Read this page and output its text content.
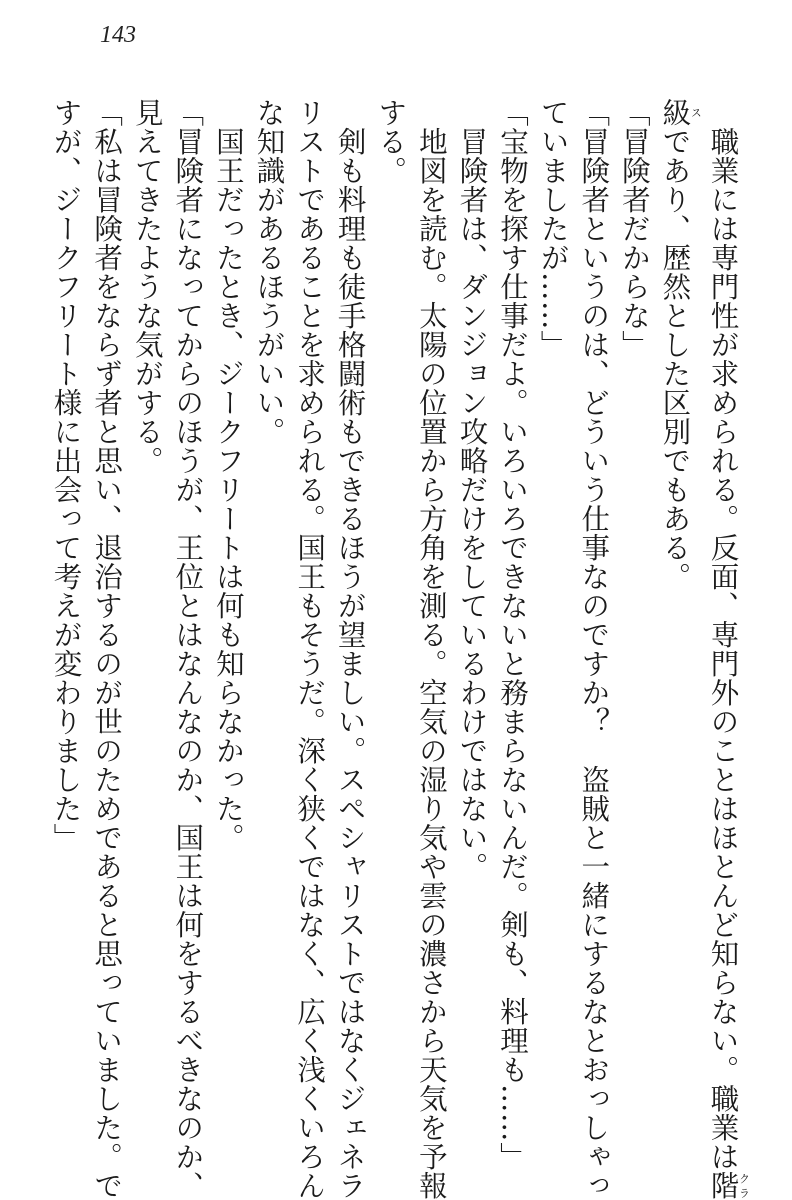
143
　職業には専門性が求められる。反面、専門外のことはほとんど知らない。職業は階クラ
級スであり、歴然とした区別でもある。
「冒険者だからな」
「冒険者というのは、どういう仕事なのですか？　盗賊と一緒にするなとおっしゃっ
ていましたが……」
「宝物を探す仕事だよ。いろいろできないと務まらないんだ。剣も、料理も……」
　冒険者は、ダンジョン攻略だけをしているわけではない。
　地図を読む。太陽の位置から方角を測る。空気の湿り気や雲の濃さから天気を予報
する。
　剣も料理も徒手格闘術もできるほうが望ましい。スペシャリストではなくジェネラ
リストであることを求められる。国王もそうだ。深く狭くではなく、広く浅くいろん
な知識があるほうがいい。
　国王だったとき、ジークフリートは何も知らなかった。
「冒険者になってからのほうが、王位とはなんなのか、国王は何をするべきなのか、
見えてきたような気がする。
「私は冒険者をならず者と思い、退治するのが世のためであると思っていました。で
すが、ジークフリート様に出会って考えが変わりました」
